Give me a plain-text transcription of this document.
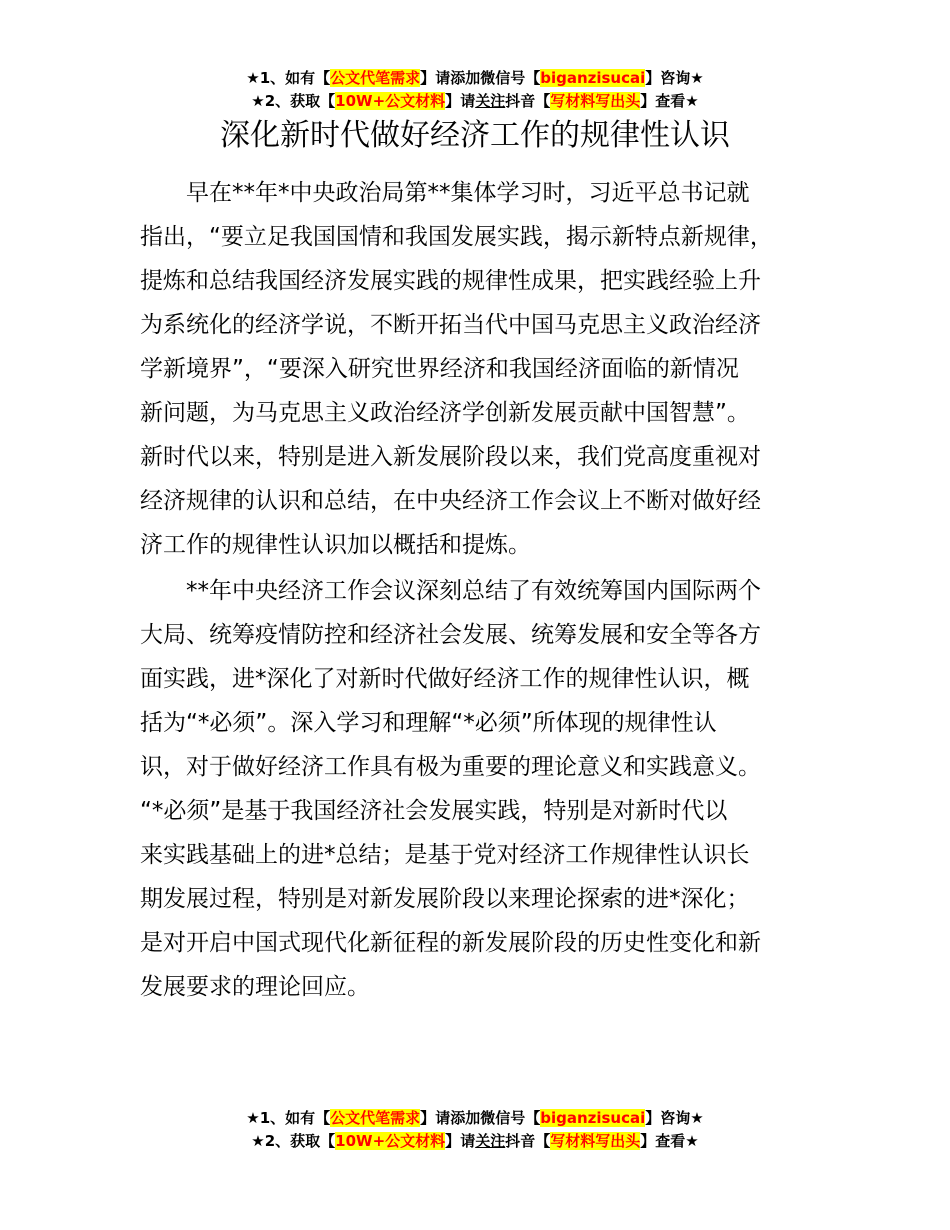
★1、如有【公文代笔需求】请添加微信号【biganzisucai】咨询★
★2、获取【10W+公文材料】请关注抖音【写材料写出头】查看★
深化新时代做好经济工作的规律性认识
早在**年*中央政治局第**集体学习时，习近平总书记就
指出，“要立足我国国情和我国发展实践，揭示新特点新规律，
提炼和总结我国经济发展实践的规律性成果，把实践经验上升
为系统化的经济学说，不断开拓当代中国马克思主义政治经济
学新境界”，“要深入研究世界经济和我国经济面临的新情况
新问题，为马克思主义政治经济学创新发展贡献中国智慧”。
新时代以来，特别是进入新发展阶段以来，我们党高度重视对
经济规律的认识和总结，在中央经济工作会议上不断对做好经
济工作的规律性认识加以概括和提炼。
**年中央经济工作会议深刻总结了有效统筹国内国际两个
大局、统筹疫情防控和经济社会发展、统筹发展和安全等各方
面实践，进*深化了对新时代做好经济工作的规律性认识，概
括为“*必须”。深入学习和理解“*必须”所体现的规律性认
识，对于做好经济工作具有极为重要的理论意义和实践意义。
“*必须”是基于我国经济社会发展实践，特别是对新时代以
来实践基础上的进*总结；是基于党对经济工作规律性认识长
期发展过程，特别是对新发展阶段以来理论探索的进*深化；
是对开启中国式现代化新征程的新发展阶段的历史性变化和新
发展要求的理论回应。
★1、如有【公文代笔需求】请添加微信号【biganzisucai】咨询★
★2、获取【10W+公文材料】请关注抖音【写材料写出头】查看★
